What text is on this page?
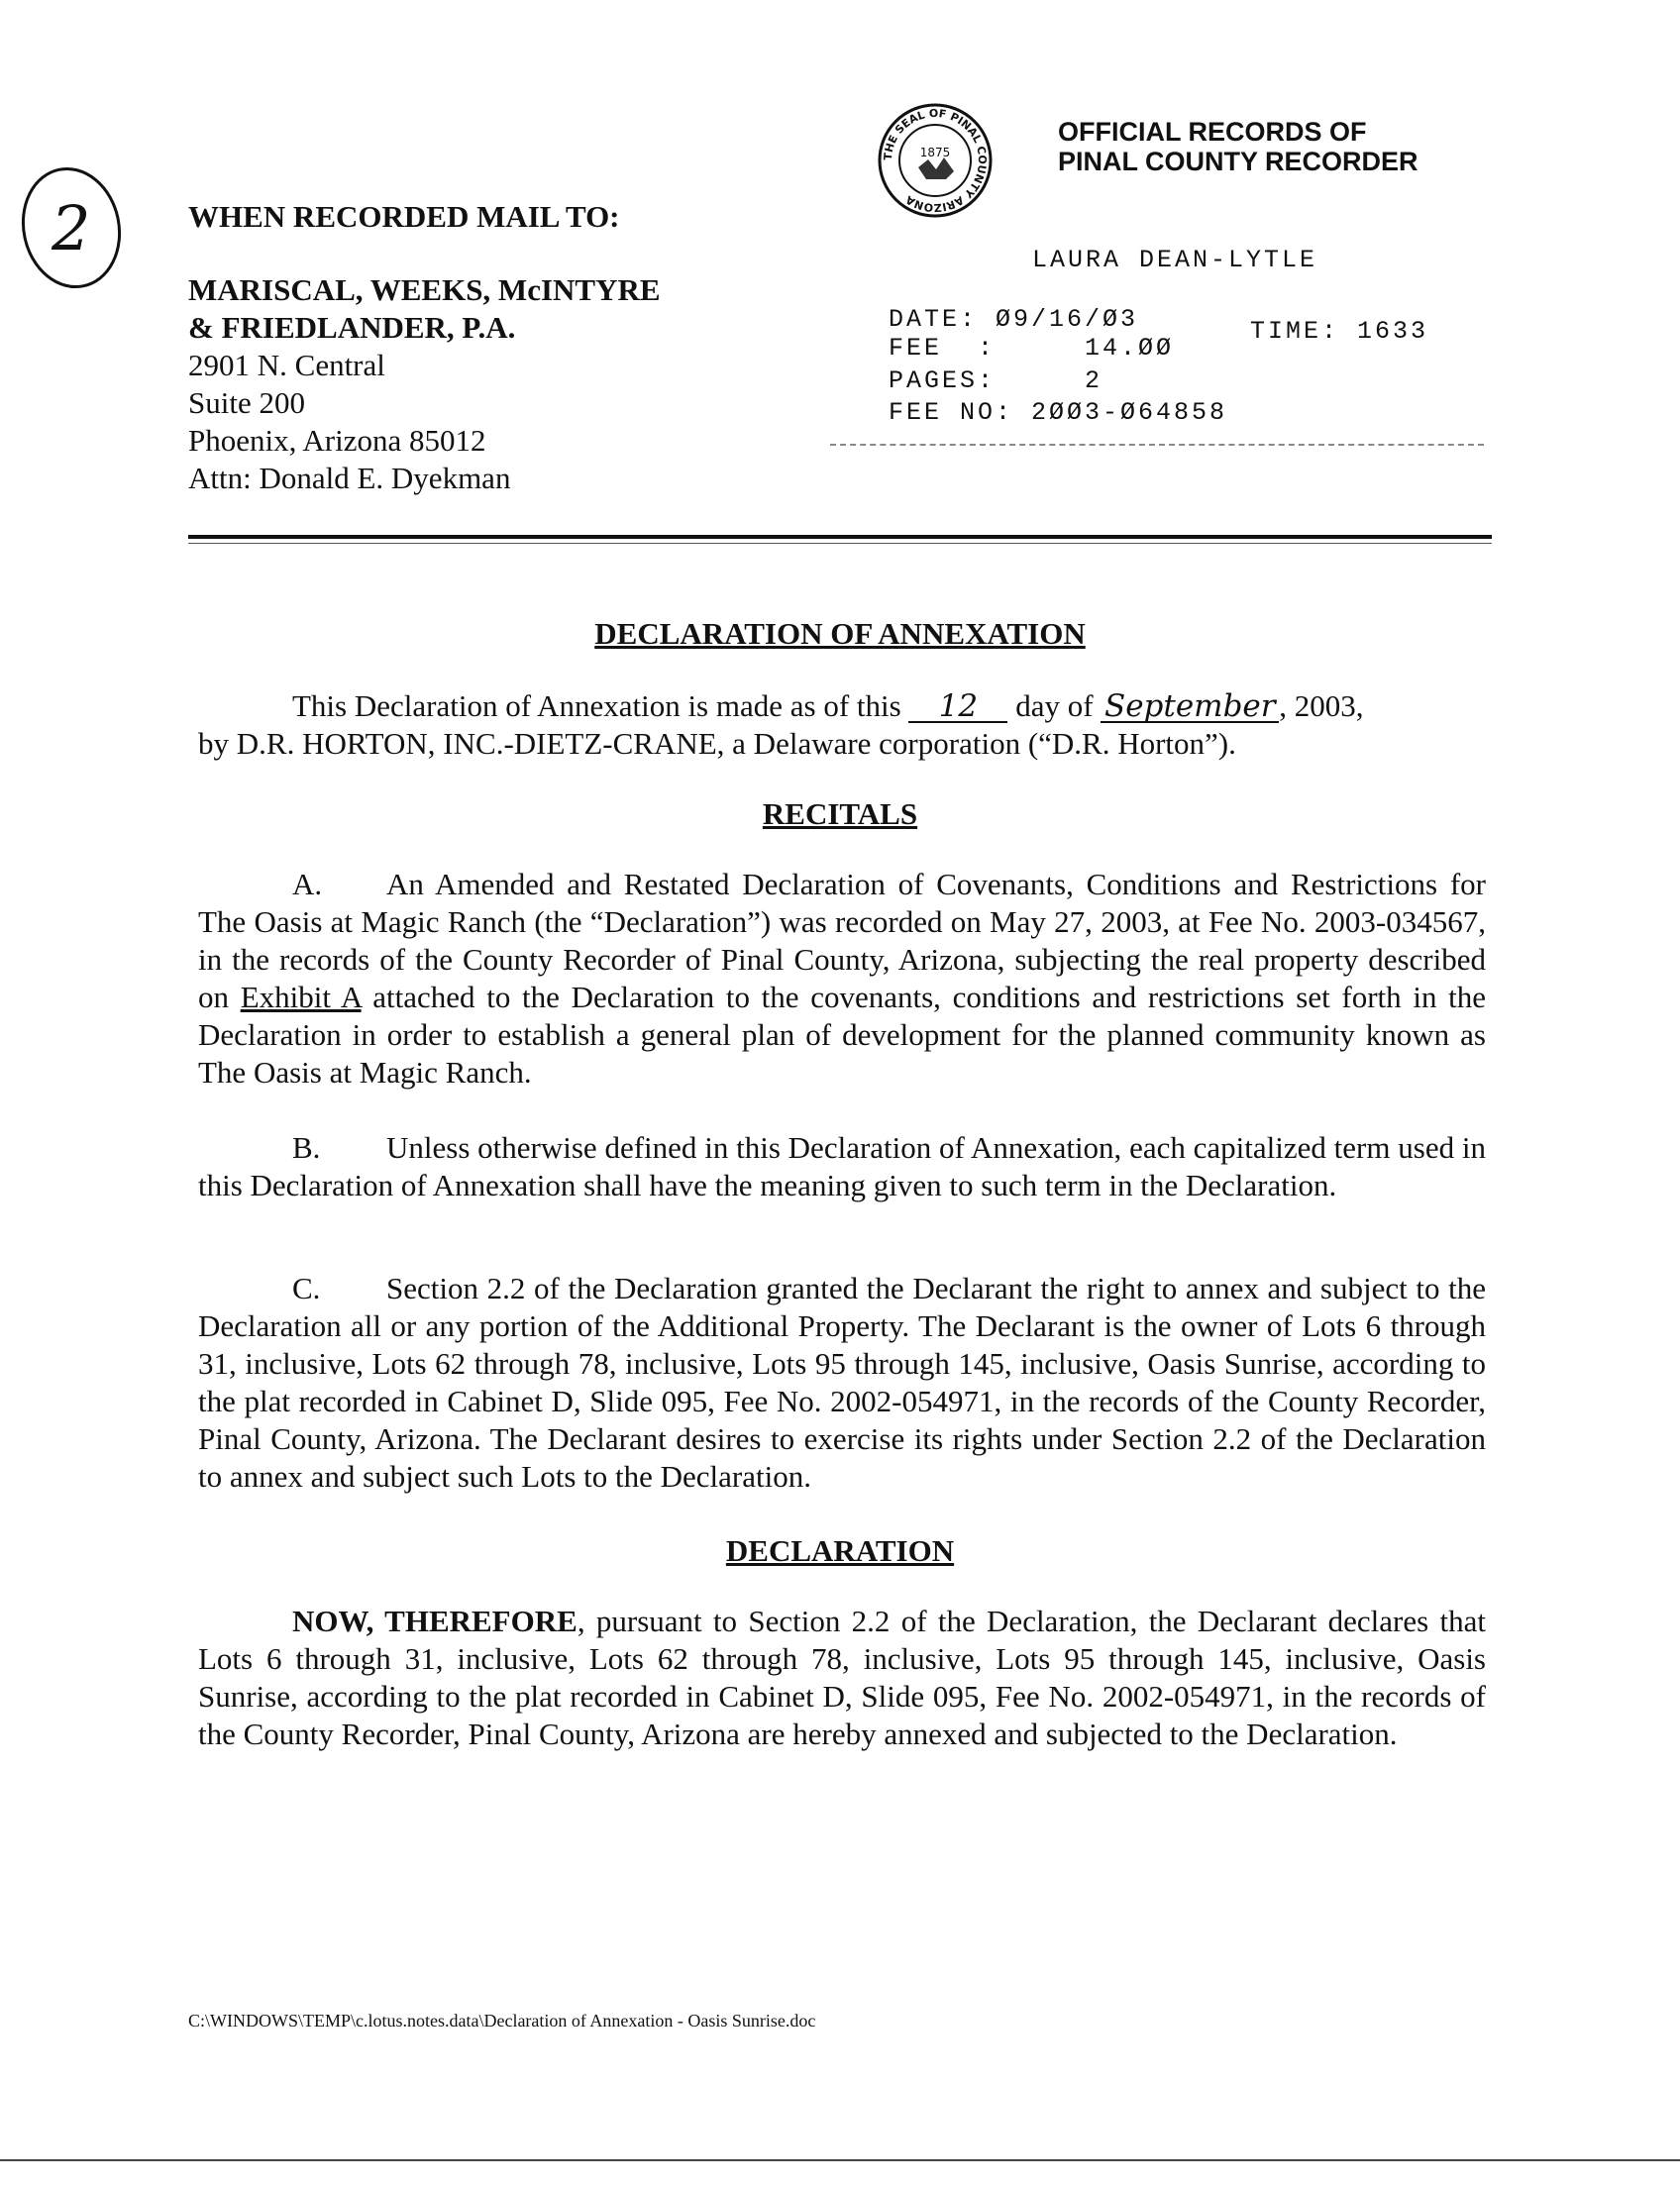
2	WHEN RECORDED MAIL TO:
MARISCAL, WEEKS, McINTYRE
& FRIEDLANDER, P.A.
2901 N. Central
Suite 200
Phoenix, Arizona 85012
Attn: Donald E. Dyekman
THE SEAL OF PINAL COUNTY ARIZONA
1875
OFFICIAL RECORDS OF
PINAL COUNTY RECORDER
LAURA DEAN-LYTLE
DATE: Ø9/16/Ø3	TIME: 1633
FEE  :     14.ØØ
PAGES:     2
FEE NO: 2ØØ3-Ø64858
DECLARATION OF ANNEXATION
This Declaration of Annexation is made as of this 12 day of September , 2003,
by D.R. HORTON, INC.-DIETZ-CRANE, a Delaware corporation (“D.R. Horton”).
RECITALS
A. An Amended and Restated Declaration of Covenants, Conditions and Restrictions for The Oasis at Magic Ranch (the “Declaration”) was recorded on May 27, 2003, at Fee No. 2003-034567, in the records of the County Recorder of Pinal County, Arizona, subjecting the real property described on Exhibit A attached to the Declaration to the covenants, conditions and restrictions set forth in the Declaration in order to establish a general plan of development for the planned community known as The Oasis at Magic Ranch.
B. Unless otherwise defined in this Declaration of Annexation, each capitalized term used in this Declaration of Annexation shall have the meaning given to such term in the Declaration.
C. Section 2.2 of the Declaration granted the Declarant the right to annex and subject to the Declaration all or any portion of the Additional Property. The Declarant is the owner of Lots 6 through 31, inclusive, Lots 62 through 78, inclusive, Lots 95 through 145, inclusive, Oasis Sunrise, according to the plat recorded in Cabinet D, Slide 095, Fee No. 2002-054971, in the records of the County Recorder, Pinal County, Arizona. The Declarant desires to exercise its rights under Section 2.2 of the Declaration to annex and subject such Lots to the Declaration.
DECLARATION
NOW, THEREFORE, pursuant to Section 2.2 of the Declaration, the Declarant declares that Lots 6 through 31, inclusive, Lots 62 through 78, inclusive, Lots 95 through 145, inclusive, Oasis Sunrise, according to the plat recorded in Cabinet D, Slide 095, Fee No. 2002-054971, in the records of the County Recorder, Pinal County, Arizona are hereby annexed and subjected to the Declaration.
C:\WINDOWS\TEMP\c.lotus.notes.data\Declaration of Annexation - Oasis Sunrise.doc
